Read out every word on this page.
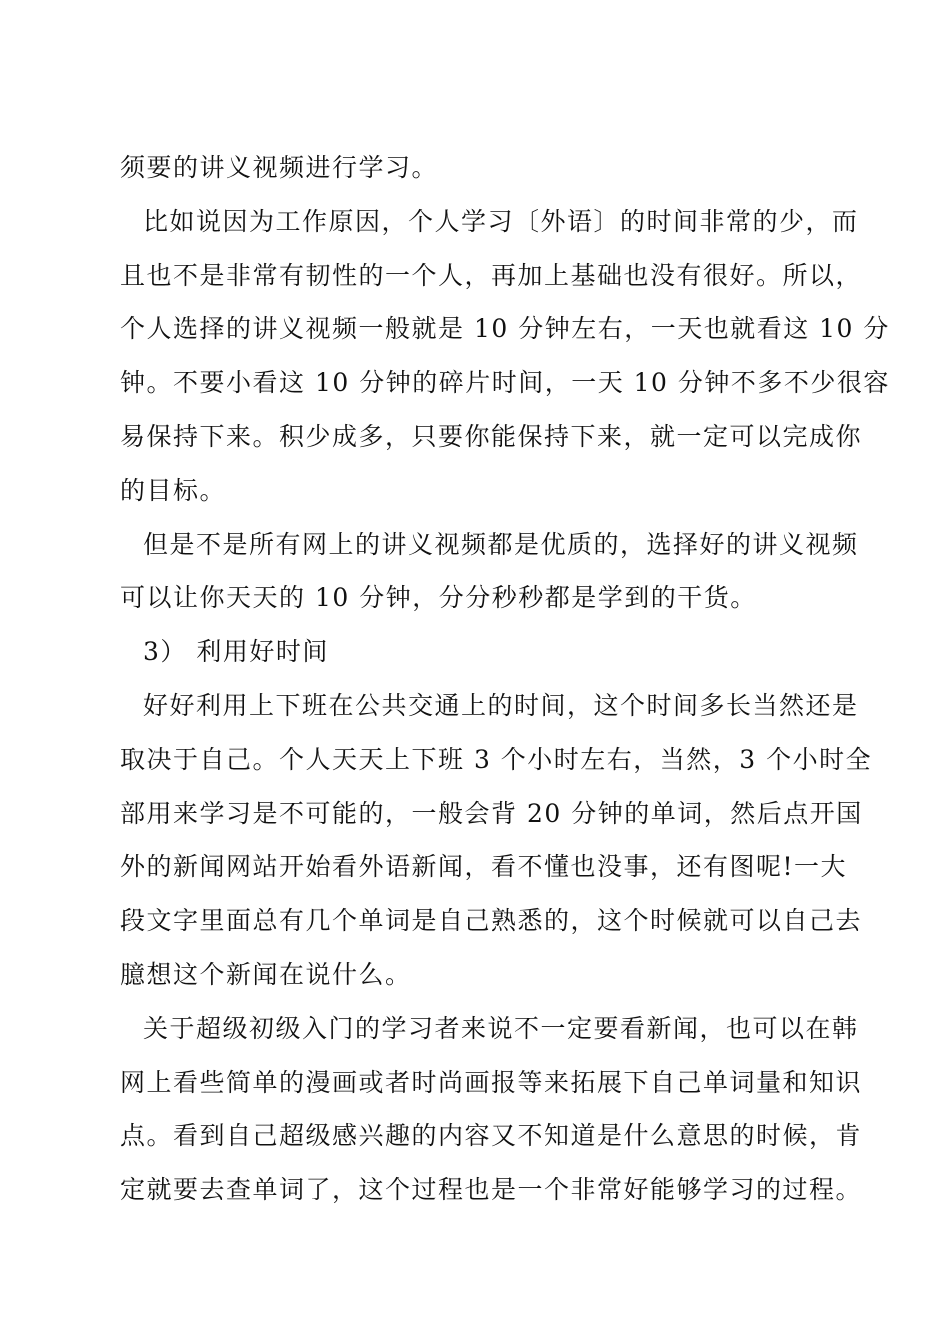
须要的讲义视频进行学习。
比如说因为工作原因，个人学习〔外语〕的时间非常的少，而
且也不是非常有韧性的一个人，再加上基础也没有很好。所以，
个人选择的讲义视频一般就是 10 分钟左右，一天也就看这 10 分
钟。不要小看这 10 分钟的碎片时间，一天 10 分钟不多不少很容
易保持下来。积少成多，只要你能保持下来，就一定可以完成你
的目标。
但是不是所有网上的讲义视频都是优质的，选择好的讲义视频
可以让你天天的 10 分钟，分分秒秒都是学到的干货。
3） 利用好时间
好好利用上下班在公共交通上的时间，这个时间多长当然还是
取决于自己。个人天天上下班 3 个小时左右，当然，3 个小时全
部用来学习是不可能的，一般会背 20 分钟的单词，然后点开国
外的新闻网站开始看外语新闻，看不懂也没事，还有图呢!一大
段文字里面总有几个单词是自己熟悉的，这个时候就可以自己去
臆想这个新闻在说什么。
关于超级初级入门的学习者来说不一定要看新闻，也可以在韩
网上看些简单的漫画或者时尚画报等来拓展下自己单词量和知识
点。看到自己超级感兴趣的内容又不知道是什么意思的时候，肯
定就要去查单词了，这个过程也是一个非常好能够学习的过程。
